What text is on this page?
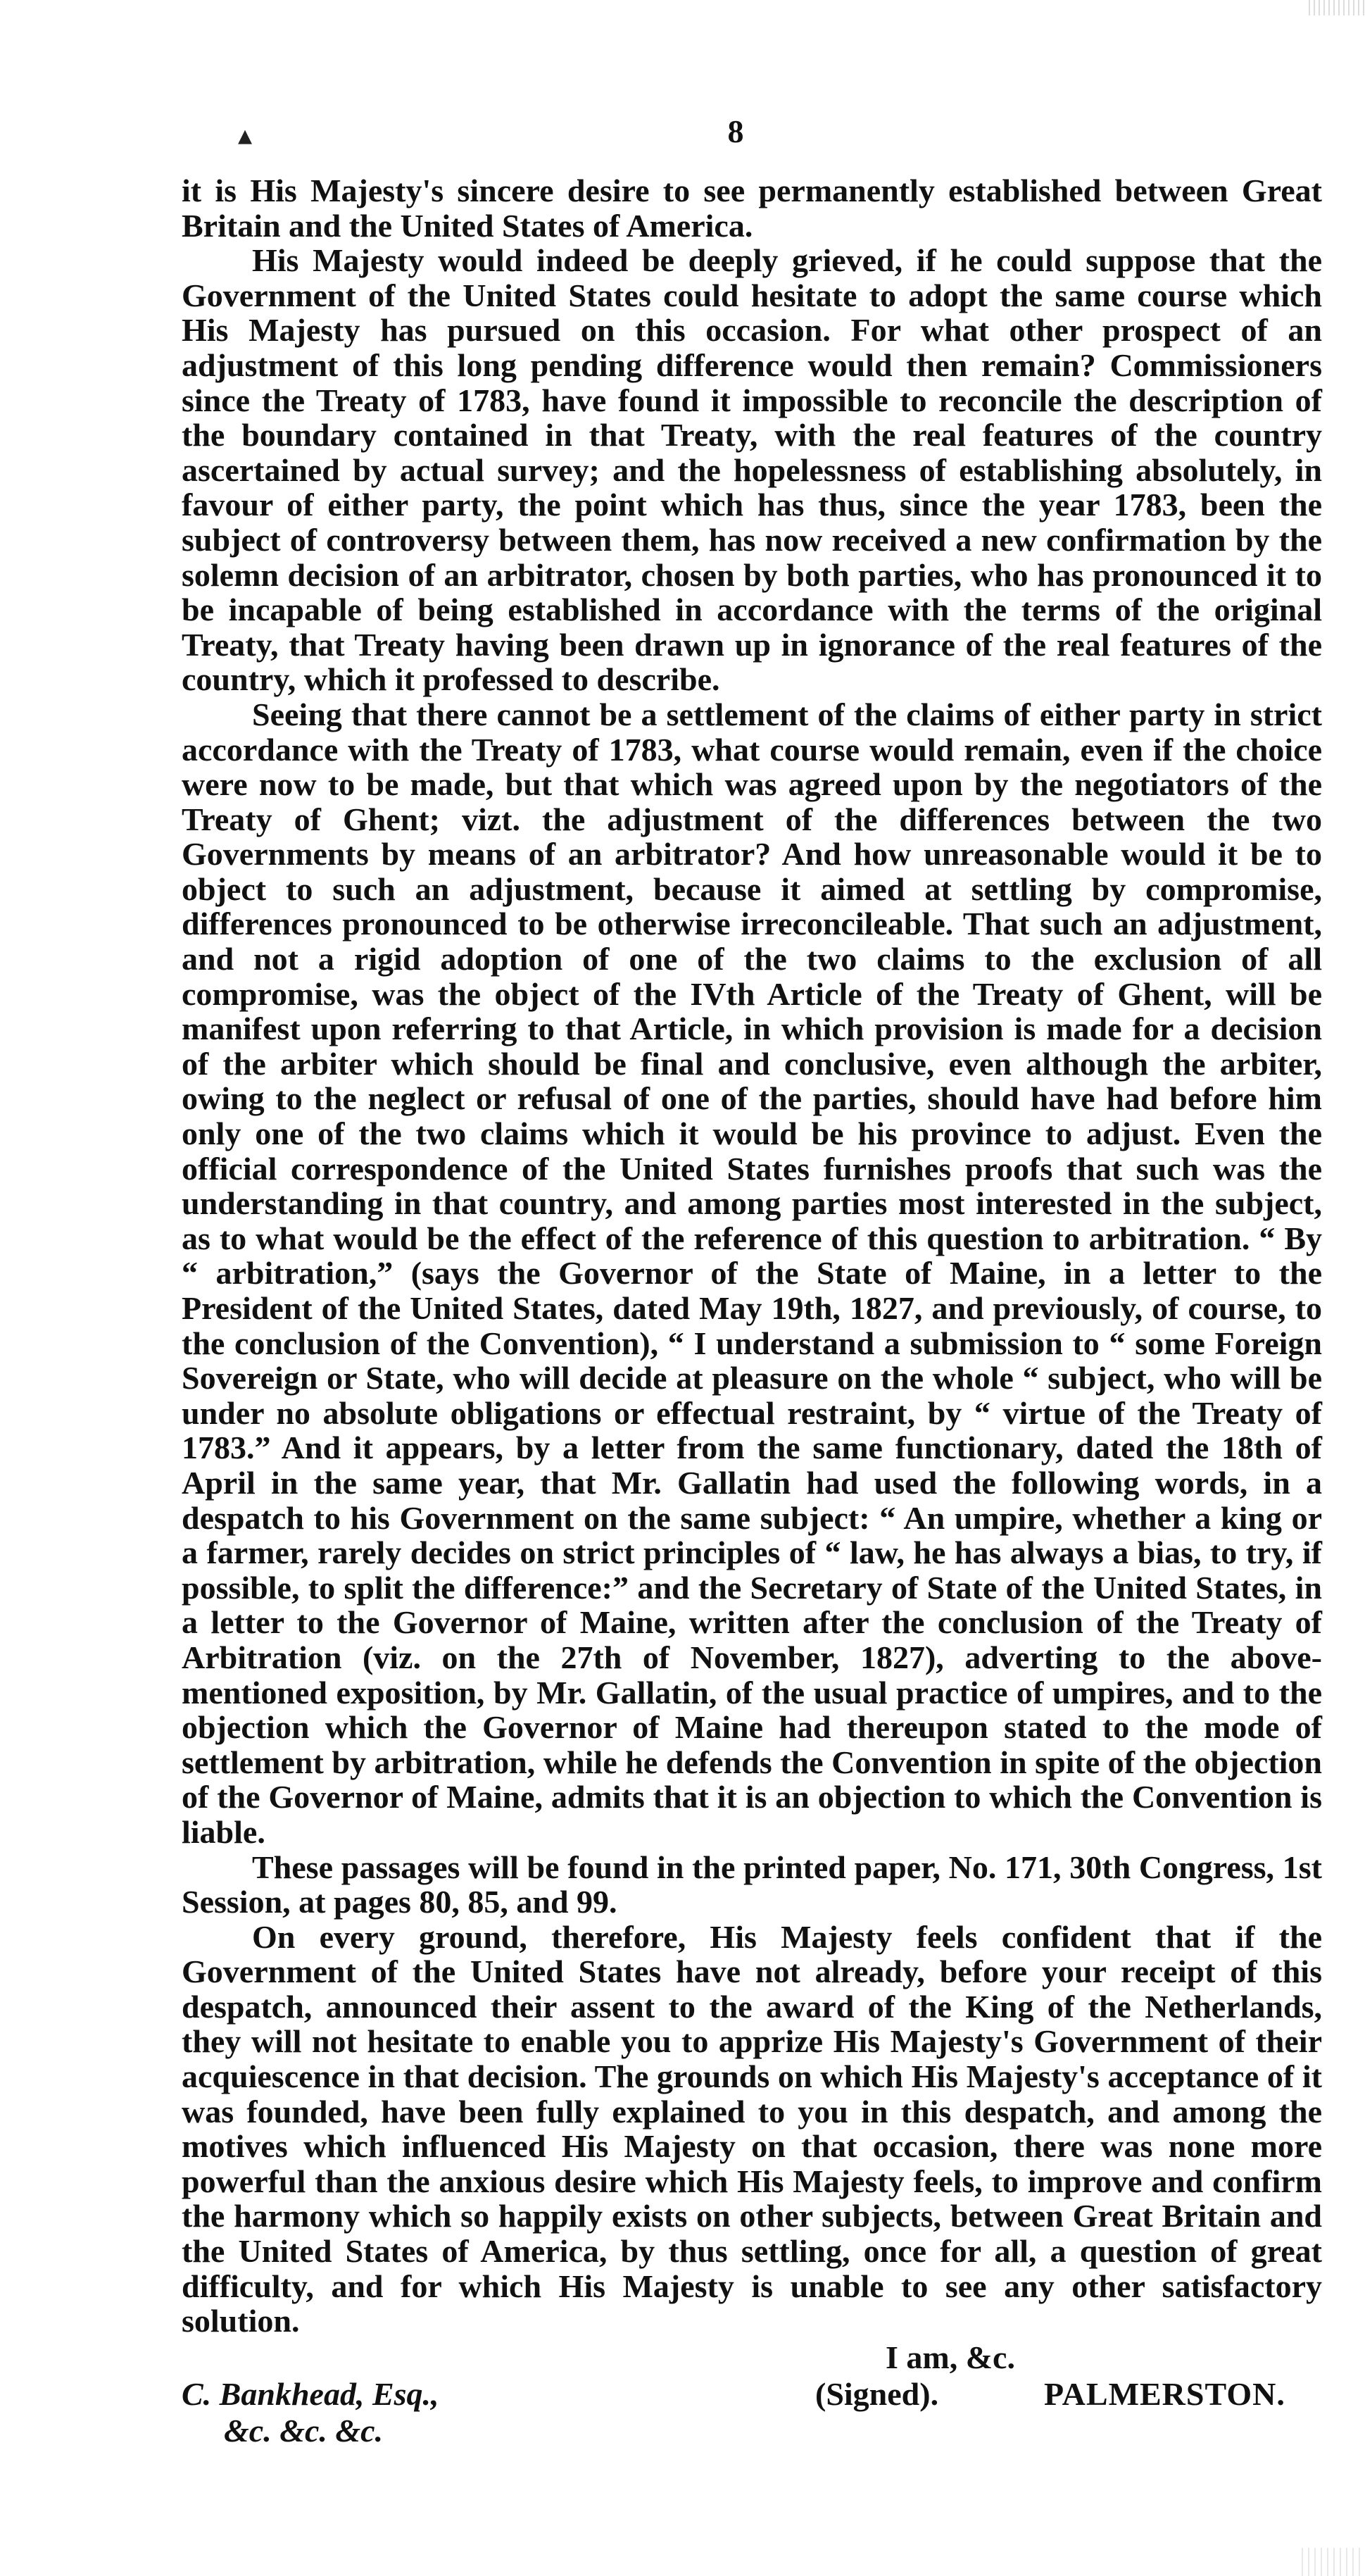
▴	8

it is His Majesty's sincere desire to see permanently established between Great Britain and the United States of America.

His Majesty would indeed be deeply grieved, if he could suppose that the Government of the United States could hesitate to adopt the same course which His Majesty has pursued on this occasion. For what other prospect of an adjustment of this long pending difference would then remain? Commissioners since the Treaty of 1783, have found it impossible to reconcile the description of the boundary contained in that Treaty, with the real features of the country ascertained by actual survey; and the hopelessness of establishing absolutely, in favour of either party, the point which has thus, since the year 1783, been the subject of controversy between them, has now received a new confirmation by the solemn decision of an arbitrator, chosen by both parties, who has pronounced it to be incapable of being established in accordance with the terms of the original Treaty, that Treaty having been drawn up in ignorance of the real features of the country, which it professed to describe.

Seeing that there cannot be a settlement of the claims of either party in strict accordance with the Treaty of 1783, what course would remain, even if the choice were now to be made, but that which was agreed upon by the negotiators of the Treaty of Ghent; vizt. the adjustment of the differences between the two Governments by means of an arbitrator? And how unreasonable would it be to object to such an adjustment, because it aimed at settling by compromise, differences pronounced to be otherwise irreconcileable. That such an adjustment, and not a rigid adoption of one of the two claims to the exclusion of all compromise, was the object of the IVth Article of the Treaty of Ghent, will be manifest upon referring to that Article, in which provision is made for a decision of the arbiter which should be final and conclusive, even although the arbiter, owing to the neglect or refusal of one of the parties, should have had before him only one of the two claims which it would be his province to adjust. Even the official correspondence of the United States furnishes proofs that such was the understanding in that country, and among parties most interested in the subject, as to what would be the effect of the reference of this question to arbitration. “ By “ arbitration,” (says the Governor of the State of Maine, in a letter to the President of the United States, dated May 19th, 1827, and previously, of course, to the conclusion of the Convention), “ I understand a submission to “ some Foreign Sovereign or State, who will decide at pleasure on the whole “ subject, who will be under no absolute obligations or effectual restraint, by “ virtue of the Treaty of 1783.” And it appears, by a letter from the same functionary, dated the 18th of April in the same year, that Mr. Gallatin had used the following words, in a despatch to his Government on the same subject: “ An umpire, whether a king or a farmer, rarely decides on strict principles of “ law, he has always a bias, to try, if possible, to split the difference:” and the Secretary of State of the United States, in a letter to the Governor of Maine, written after the conclusion of the Treaty of Arbitration (viz. on the 27th of November, 1827), adverting to the above-mentioned exposition, by Mr. Gallatin, of the usual practice of umpires, and to the objection which the Governor of Maine had thereupon stated to the mode of settlement by arbitration, while he defends the Convention in spite of the objection of the Governor of Maine, admits that it is an objection to which the Convention is liable.

These passages will be found in the printed paper, No. 171, 30th Congress, 1st Session, at pages 80, 85, and 99.

On every ground, therefore, His Majesty feels confident that if the Government of the United States have not already, before your receipt of this despatch, announced their assent to the award of the King of the Netherlands, they will not hesitate to enable you to apprize His Majesty's Government of their acquiescence in that decision. The grounds on which His Majesty's acceptance of it was founded, have been fully explained to you in this despatch, and among the motives which influenced His Majesty on that occasion, there was none more powerful than the anxious desire which His Majesty feels, to improve and confirm the harmony which so happily exists on other subjects, between Great Britain and the United States of America, by thus settling, once for all, a question of great difficulty, and for which His Majesty is unable to see any other satisfactory solution.

I am, &c.
C. Bankhead, Esq.,	(Signed).	PALMERSTON.
&c. &c. &c.
